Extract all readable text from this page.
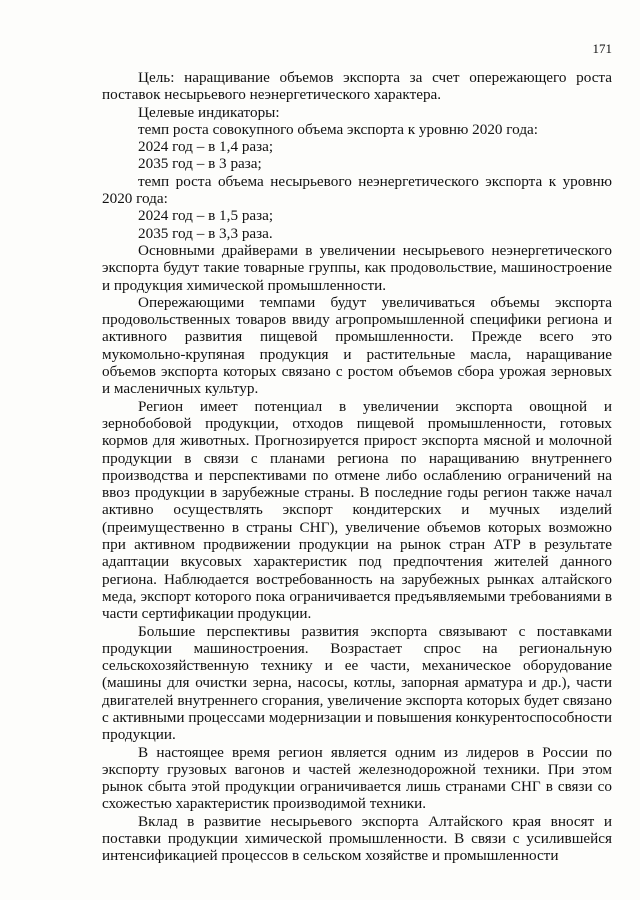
171

Цель: наращивание объемов экспорта за счет опережающего роста поставок несырьевого неэнергетического характера.

Целевые индикаторы:

темп роста совокупного объема экспорта к уровню 2020 года:

2024 год – в 1,4 раза;

2035 год – в 3 раза;

темп роста объема несырьевого неэнергетического экспорта к уровню 2020 года:

2024 год – в 1,5 раза;

2035 год – в 3,3 раза.

Основными драйверами в увеличении несырьевого неэнергетического экспорта будут такие товарные группы, как продовольствие, машиностроение и продукция химической промышленности.

Опережающими темпами будут увеличиваться объемы экспорта продовольственных товаров ввиду агропромышленной специфики региона и активного развития пищевой промышленности. Прежде всего это мукомольно-крупяная продукция и растительные масла, наращивание объемов экспорта которых связано с ростом объемов сбора урожая зерновых и масленичных культур.

Регион имеет потенциал в увеличении экспорта овощной и зернобобовой продукции, отходов пищевой промышленности, готовых кормов для животных. Прогнозируется прирост экспорта мясной и молочной продукции в связи с планами региона по наращиванию внутреннего производства и перспективами по отмене либо ослаблению ограничений на ввоз продукции в зарубежные страны. В последние годы регион также начал активно осуществлять экспорт кондитерских и мучных изделий (преимущественно в страны СНГ), увеличение объемов которых возможно при активном продвижении продукции на рынок стран АТР в результате адаптации вкусовых характеристик под предпочтения жителей данного региона. Наблюдается востребованность на зарубежных рынках алтайского меда, экспорт которого пока ограничивается предъявляемыми требованиями в части сертификации продукции.

Большие перспективы развития экспорта связывают с поставками продукции машиностроения. Возрастает спрос на региональную сельскохозяйственную технику и ее части, механическое оборудование (машины для очистки зерна, насосы, котлы, запорная арматура и др.), части двигателей внутреннего сгорания, увеличение экспорта которых будет связано с активными процессами модернизации и повышения конкурентоспособности продукции.

В настоящее время регион является одним из лидеров в России по экспорту грузовых вагонов и частей железнодорожной техники. При этом рынок сбыта этой продукции ограничивается лишь странами СНГ в связи со схожестью характеристик производимой техники.

Вклад в развитие несырьевого экспорта Алтайского края вносят и поставки продукции химической промышленности. В связи с усилившейся интенсификацией процессов в сельском хозяйстве и промышленности
